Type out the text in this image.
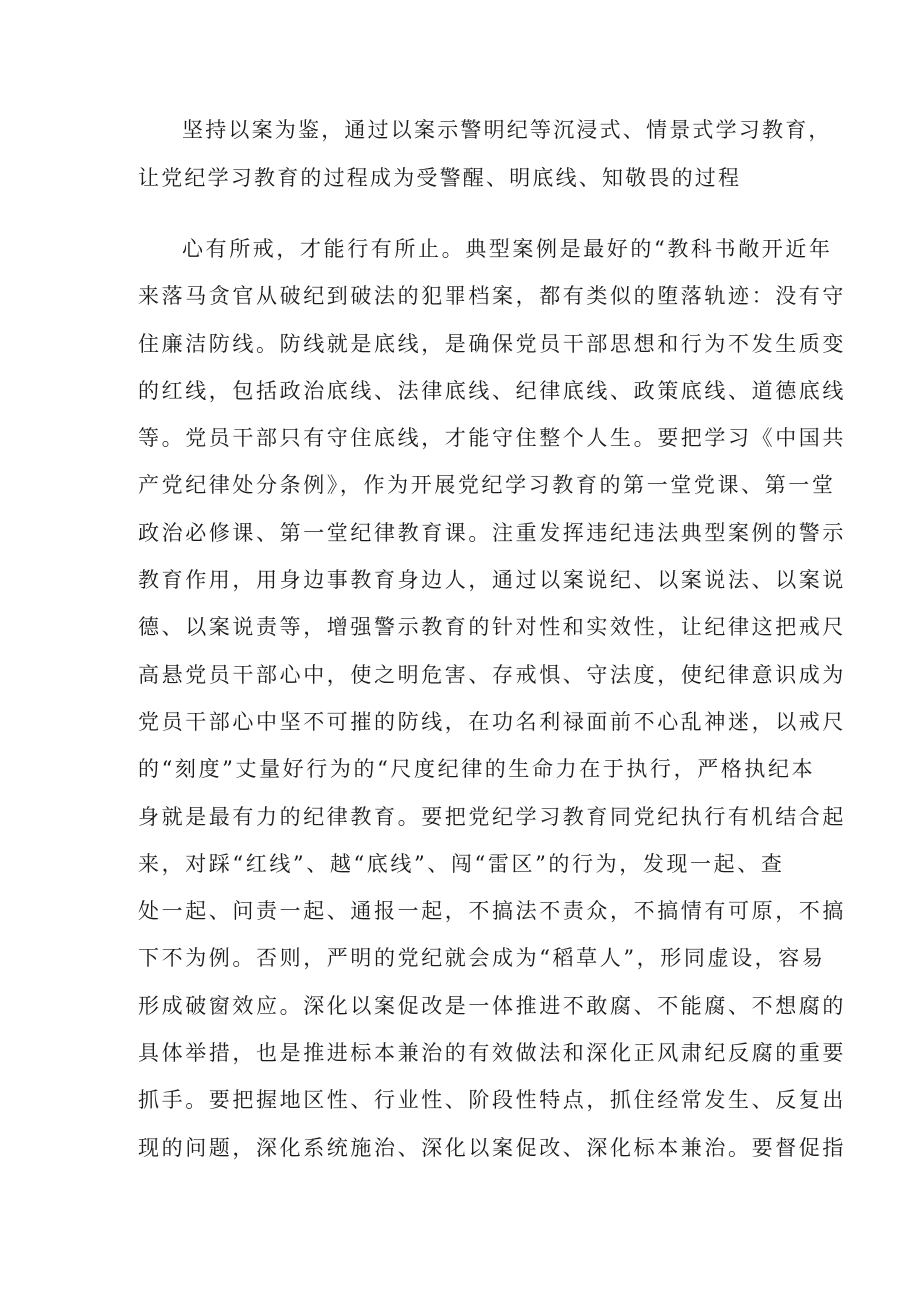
坚持以案为鉴，通过以案示警明纪等沉浸式、情景式学习教育，
让党纪学习教育的过程成为受警醒、明底线、知敬畏的过程
心有所戒，才能行有所止。典型案例是最好的“教科书敞开近年
来落马贪官从破纪到破法的犯罪档案，都有类似的堕落轨迹：没有守
住廉洁防线。防线就是底线，是确保党员干部思想和行为不发生质变
的红线，包括政治底线、法律底线、纪律底线、政策底线、道德底线
等。党员干部只有守住底线，才能守住整个人生。要把学习《中国共
产党纪律处分条例》，作为开展党纪学习教育的第一堂党课、第一堂
政治必修课、第一堂纪律教育课。注重发挥违纪违法典型案例的警示
教育作用，用身边事教育身边人，通过以案说纪、以案说法、以案说
德、以案说责等，增强警示教育的针对性和实效性，让纪律这把戒尺
高悬党员干部心中，使之明危害、存戒惧、守法度，使纪律意识成为
党员干部心中坚不可摧的防线，在功名利禄面前不心乱神迷，以戒尺
的“刻度”丈量好行为的“尺度纪律的生命力在于执行，严格执纪本
身就是最有力的纪律教育。要把党纪学习教育同党纪执行有机结合起
来，对踩“红线”、越“底线”、闯“雷区”的行为，发现一起、查
处一起、问责一起、通报一起，不搞法不责众，不搞情有可原，不搞
下不为例。否则，严明的党纪就会成为“稻草人”，形同虚设，容易
形成破窗效应。深化以案促改是一体推进不敢腐、不能腐、不想腐的
具体举措，也是推进标本兼治的有效做法和深化正风肃纪反腐的重要
抓手。要把握地区性、行业性、阶段性特点，抓住经常发生、反复出
现的问题，深化系统施治、深化以案促改、深化标本兼治。要督促指
